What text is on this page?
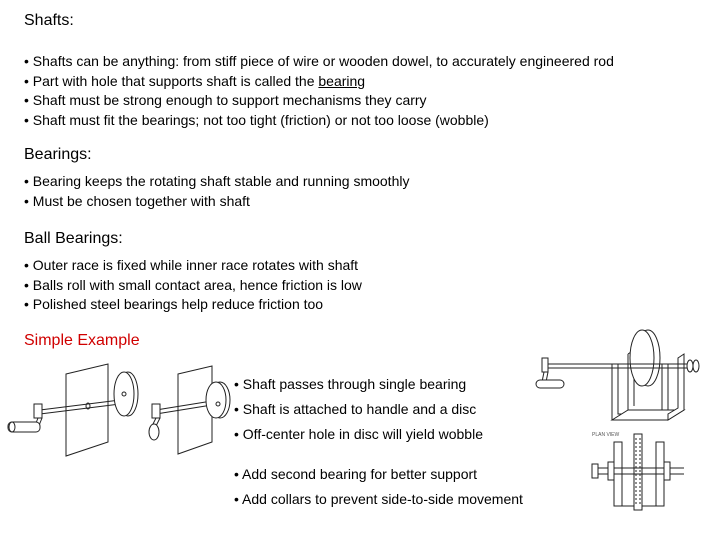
Shafts:
• Shafts can be anything: from stiff piece of wire or wooden dowel, to accurately engineered rod
• Part with hole that supports shaft is called the bearing
• Shaft must be strong enough to support mechanisms they carry
• Shaft must fit the bearings; not too tight (friction) or not too loose (wobble)
Bearings:
• Bearing keeps the rotating shaft stable and running smoothly
• Must be chosen together with shaft
Ball Bearings:
• Outer race is fixed while inner race rotates with shaft
• Balls roll with small contact area, hence friction is low
• Polished steel bearings help reduce friction too
Simple Example
• Shaft passes through single bearing
• Shaft is attached to handle and a disc
• Off-center hole in disc will yield wobble
• Add second bearing for better support
• Add collars to prevent side-to-side movement
PLAN VIEW
